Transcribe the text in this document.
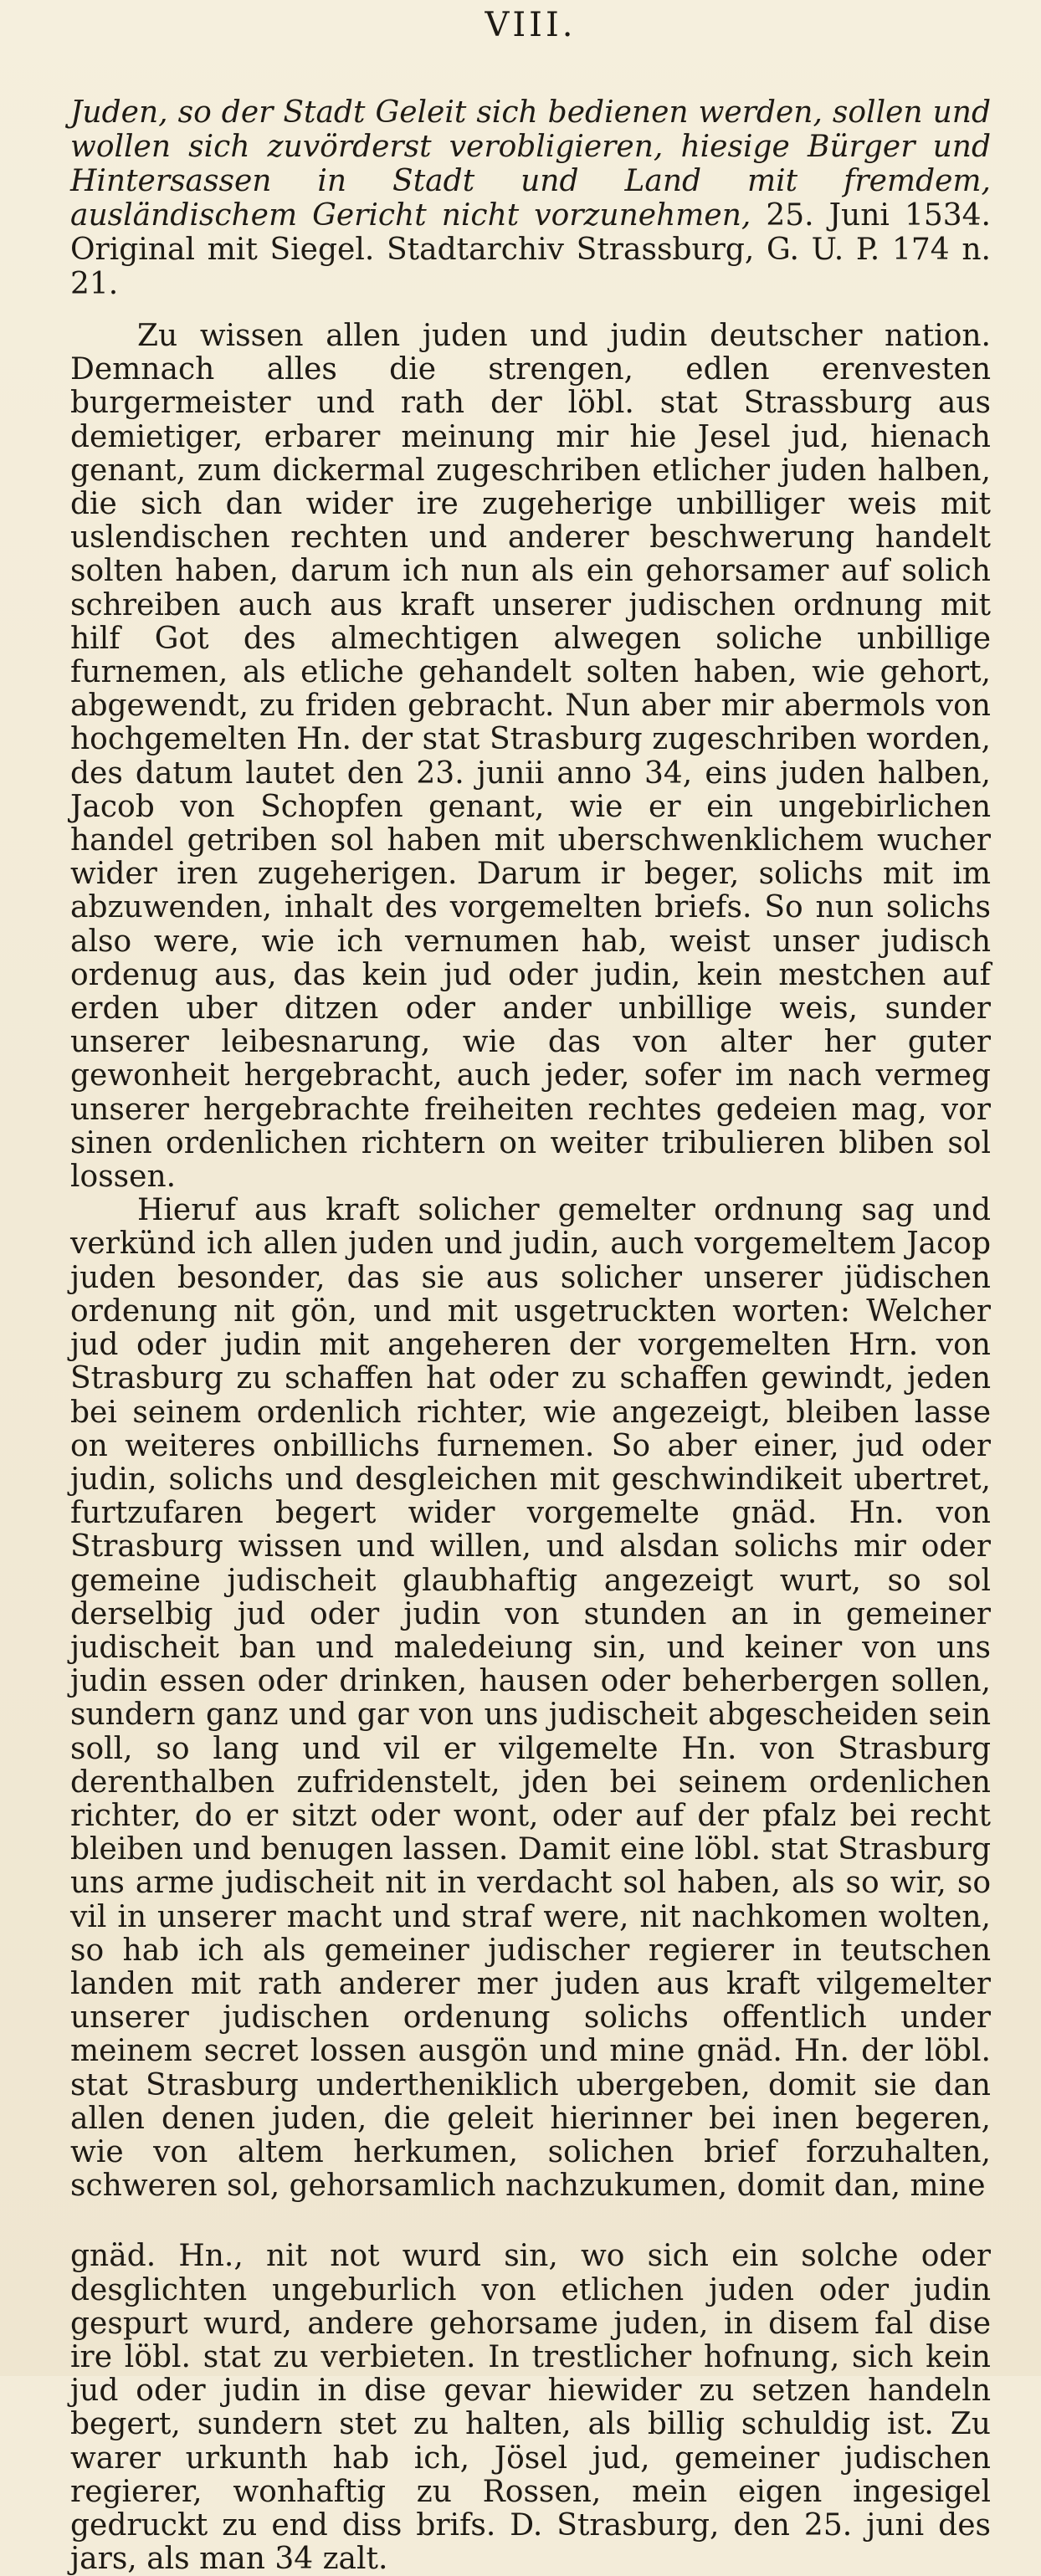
VIII.
Juden, so der Stadt Geleit sich bedienen werden, sollen und wollen sich zuvörderst verobligieren, hiesige Bürger und Hintersassen in Stadt und Land mit fremdem, ausländischem Gericht nicht vorzunehmen, 25. Juni 1534. Original mit Siegel. Stadtarchiv Strassburg, G. U. P. 174 n. 21.

Zu wissen allen juden und judin deutscher nation. Demnach alles die strengen, edlen erenvesten burgermeister und rath der löbl. stat Strassburg aus demietiger, erbarer meinung mir hie Jesel jud, hienach genant, zum dickermal zugeschriben etlicher juden halben, die sich dan wider ire zugeherige unbilliger weis mit uslendischen rechten und anderer beschwerung handelt solten haben, darum ich nun als ein gehorsamer auf solich schreiben auch aus kraft unserer judischen ordnung mit hilf Got des almechtigen alwegen soliche unbillige furnemen, als etliche gehandelt solten haben, wie gehort, abgewendt, zu friden gebracht. Nun aber mir abermols von hochgemelten Hn. der stat Strasburg zugeschriben worden, des datum lautet den 23. junii anno 34, eins juden halben, Jacob von Schopfen genant, wie er ein ungebirlichen handel getriben sol haben mit uberschwenklichem wucher wider iren zugeherigen. Darum ir beger, solichs mit im abzuwenden, inhalt des vorgemelten briefs. So nun solichs also were, wie ich vernumen hab, weist unser judisch ordenug aus, das kein jud oder judin, kein mestchen auf erden uber ditzen oder ander unbillige weis, sunder unserer leibesnarung, wie das von alter her guter gewonheit hergebracht, auch jeder, sofer im nach vermeg unserer hergebrachte freiheiten rechtes gedeien mag, vor sinen ordenlichen richtern on weiter tribulieren bliben sol lossen.

Hieruf aus kraft solicher gemelter ordnung sag und verkünd ich allen juden und judin, auch vorgemeltem Jacop juden besonder, das sie aus solicher unserer jüdischen ordenung nit gön, und mit usgetruckten worten: Welcher jud oder judin mit angeheren der vorgemelten Hrn. von Strasburg zu schaffen hat oder zu schaffen gewindt, jeden bei seinem ordenlich richter, wie angezeigt, bleiben lasse on weiteres onbillichs furnemen. So aber einer, jud oder judin, solichs und desgleichen mit geschwindikeit ubertret, furtzufaren begert wider vorgemelte gnäd. Hn. von Strasburg wissen und willen, und alsdan solichs mir oder gemeine judischeit glaubhaftig angezeigt wurt, so sol derselbig jud oder judin von stunden an in gemeiner judischeit ban und maledeiung sin, und keiner von uns judin essen oder drinken, hausen oder beherbergen sollen, sundern ganz und gar von uns judischeit abgescheiden sein soll, so lang und vil er vilgemelte Hn. von Strasburg derenthalben zufridenstelt, jden bei seinem ordenlichen richter, do er sitzt oder wont, oder auf der pfalz bei recht bleiben und benugen lassen. Damit eine löbl. stat Strasburg uns arme judischeit nit in verdacht sol haben, als so wir, so vil in unserer macht und straf were, nit nachkomen wolten, so hab ich als gemeiner judischer regierer in teutschen landen mit rath anderer mer juden aus kraft vilgemelter unserer judischen ordenung solichs offentlich under meinem secret lossen ausgön und mine gnäd. Hn. der löbl. stat Strasburg undertheniklich ubergeben, domit sie dan allen denen juden, die geleit hierinner bei inen begeren, wie von altem herkumen, solichen brief forzuhalten, schweren sol, gehorsamlich nachzukumen, domit dan, mine

gnäd. Hn., nit not wurd sin, wo sich ein solche oder desglichten ungeburlich von etlichen juden oder judin gespurt wurd, andere gehorsame juden, in disem fal dise ire löbl. stat zu verbieten. In trestlicher hofnung, sich kein jud oder judin in dise gevar hiewider zu setzen handeln begert, sundern stet zu halten, als billig schuldig ist. Zu warer urkunth hab ich, Jösel jud, gemeiner judischen regierer, wonhaftig zu Rossen, mein eigen ingesigel gedruckt zu end diss brifs. D. Strasburg, den 25. juni des jars, als man 34 zalt.
